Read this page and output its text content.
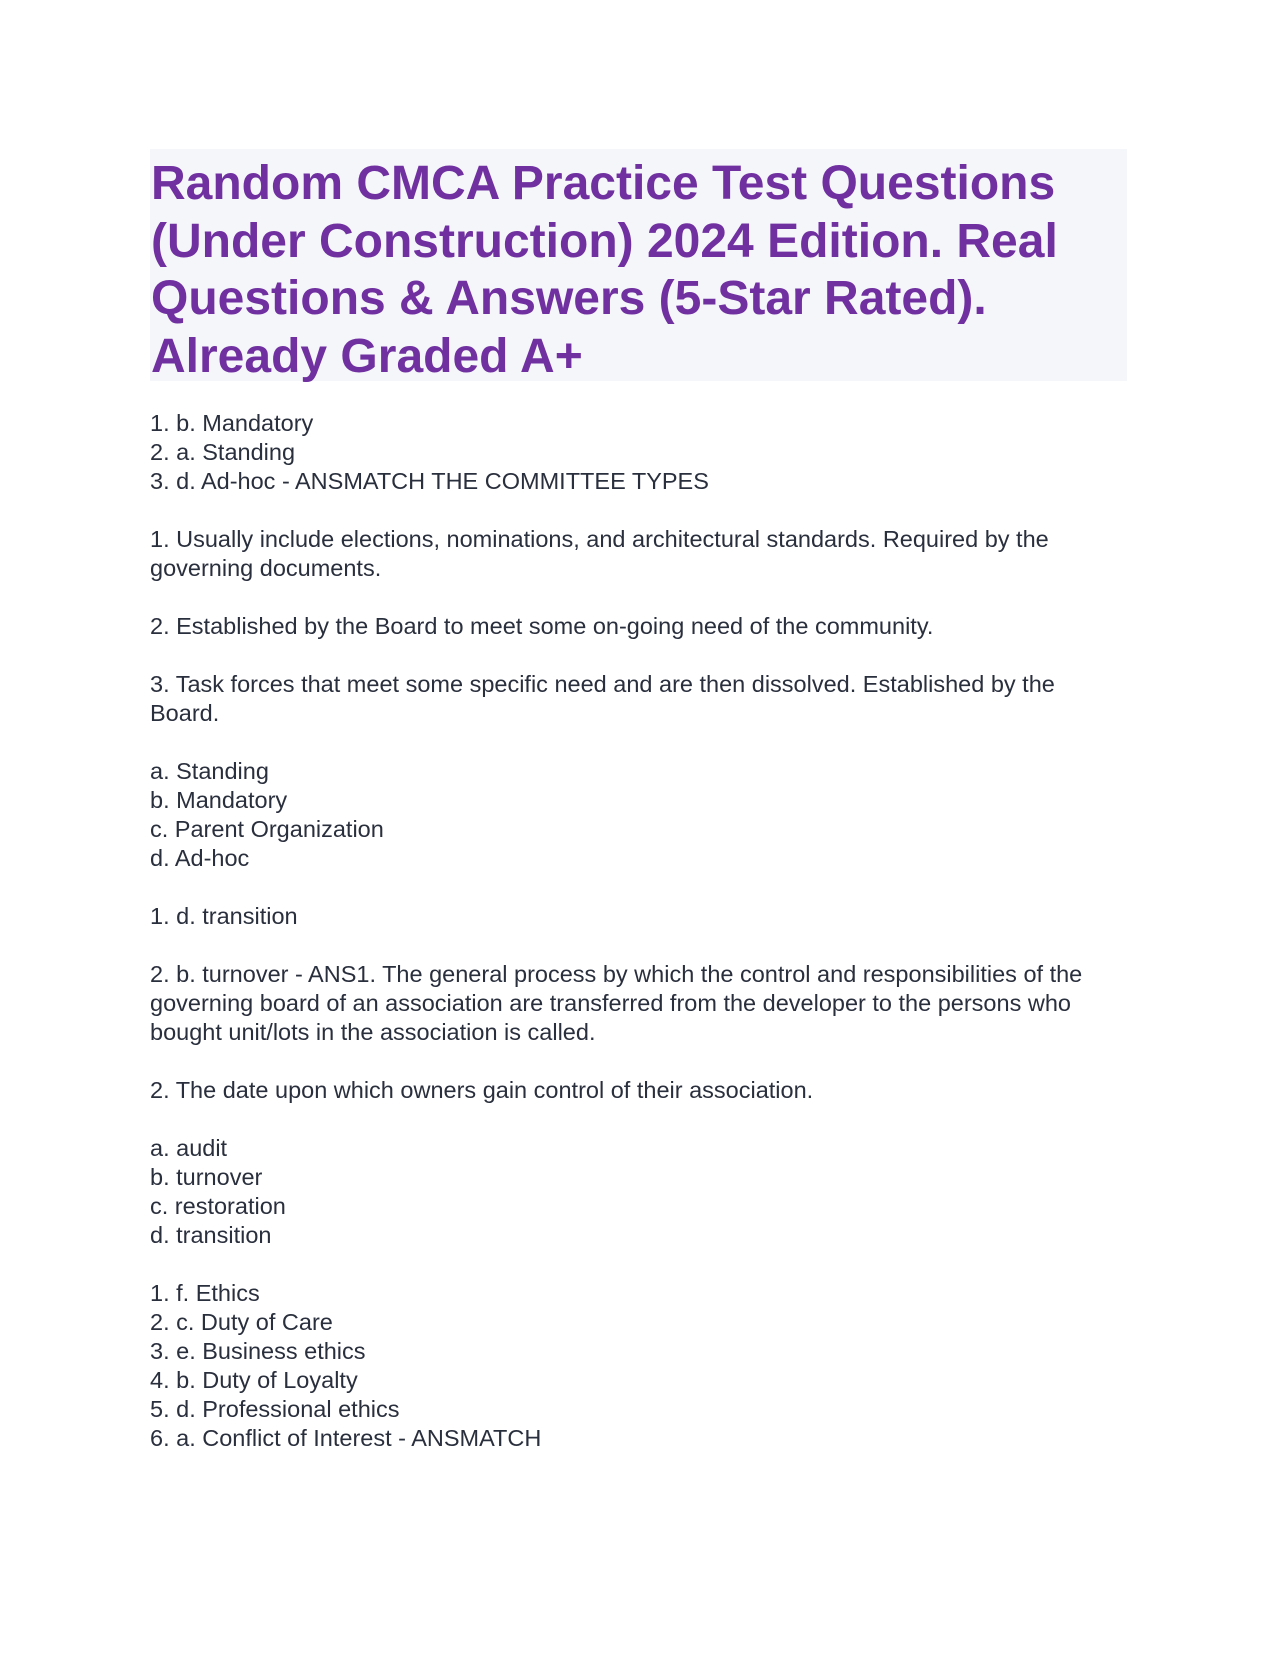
Random CMCA Practice Test Questions (Under Construction) 2024 Edition. Real Questions & Answers (5-Star Rated). Already Graded A+
1. b. Mandatory
2. a. Standing
3. d. Ad-hoc - ANSMATCH THE COMMITTEE TYPES
1. Usually include elections, nominations, and architectural standards. Required by the governing documents.
2. Established by the Board to meet some on-going need of the community.
3. Task forces that meet some specific need and are then dissolved. Established by the Board.
a. Standing
b. Mandatory
c. Parent Organization
d. Ad-hoc
1. d. transition
2. b. turnover - ANS1. The general process by which the control and responsibilities of the governing board of an association are transferred from the developer to the persons who bought unit/lots in the association is called.
2. The date upon which owners gain control of their association.
a. audit
b. turnover
c. restoration
d. transition
1. f. Ethics
2. c. Duty of Care
3. e. Business ethics
4. b. Duty of Loyalty
5. d. Professional ethics
6. a. Conflict of Interest - ANSMATCH
